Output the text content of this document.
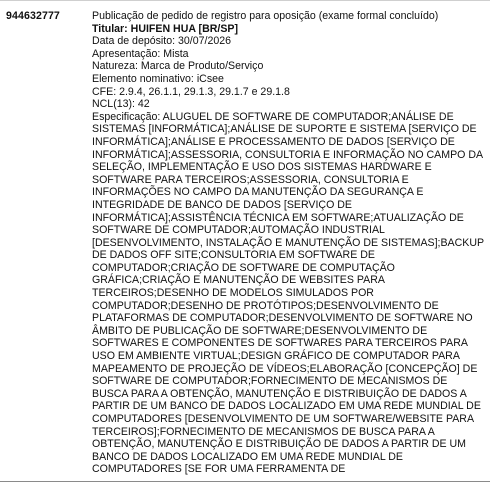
944632777	Publicação de pedido de registro para oposição (exame formal concluído)
Titular: HUIFEN HUA [BR/SP]
Data de depósito: 30/07/2026
Apresentação: Mista
Natureza: Marca de Produto/Serviço
Elemento nominativo: iCsee
CFE: 2.9.4, 26.1.1, 29.1.3, 29.1.7 e 29.1.8
NCL(13): 42
Especificação: ALUGUEL DE SOFTWARE DE COMPUTADOR;ANÁLISE DE SISTEMAS [INFORMÁTICA];ANÁLISE DE SUPORTE E SISTEMA [SERVIÇO DE INFORMÁTICA];ANÁLISE E PROCESSAMENTO DE DADOS [SERVIÇO DE INFORMÁTICA];ASSESSORIA, CONSULTORIA E INFORMAÇÃO NO CAMPO DA SELEÇÃO, IMPLEMENTAÇÃO E USO DOS SISTEMAS HARDWARE E SOFTWARE PARA TERCEIROS;ASSESSORIA, CONSULTORIA E INFORMAÇÕES NO CAMPO DA MANUTENÇÃO DA SEGURANÇA E INTEGRIDADE DE BANCO DE DADOS [SERVIÇO DE INFORMÁTICA];ASSISTÊNCIA TÉCNICA EM SOFTWARE;ATUALIZAÇÃO DE SOFTWARE DE COMPUTADOR;AUTOMAÇÃO INDUSTRIAL [DESENVOLVIMENTO, INSTALAÇÃO E MANUTENÇÃO DE SISTEMAS];BACKUP DE DADOS OFF SITE;CONSULTORIA EM SOFTWARE DE COMPUTADOR;CRIAÇÃO DE SOFTWARE DE COMPUTAÇÃO GRÁFICA;CRIAÇÃO E MANUTENÇÃO DE WEBSITES PARA TERCEIROS;DESENHO DE MODELOS SIMULADOS POR COMPUTADOR;DESENHO DE PROTÓTIPOS;DESENVOLVIMENTO DE PLATAFORMAS DE COMPUTADOR;DESENVOLVIMENTO DE SOFTWARE NO ÂMBITO DE PUBLICAÇÃO DE SOFTWARE;DESENVOLVIMENTO DE SOFTWARES E COMPONENTES DE SOFTWARES PARA TERCEIROS PARA USO EM AMBIENTE VIRTUAL;DESIGN GRÁFICO DE COMPUTADOR PARA MAPEAMENTO DE PROJEÇÃO DE VÍDEOS;ELABORAÇÃO [CONCEPÇÃO] DE SOFTWARE DE COMPUTADOR;FORNECIMENTO DE MECANISMOS DE BUSCA PARA A OBTENÇÃO, MANUTENÇÃO E DISTRIBUIÇÃO DE DADOS A PARTIR DE UM BANCO DE DADOS LOCALIZADO EM UMA REDE MUNDIAL DE COMPUTADORES [DESENVOLVIMENTO DE UM SOFTWARE/WEBSITE PARA TERCEIROS];FORNECIMENTO DE MECANISMOS DE BUSCA PARA A OBTENÇÃO, MANUTENÇÃO E DISTRIBUIÇÃO DE DADOS A PARTIR DE UM BANCO DE DADOS LOCALIZADO EM UMA REDE MUNDIAL DE COMPUTADORES [SE FOR UMA FERRAMENTA DE
